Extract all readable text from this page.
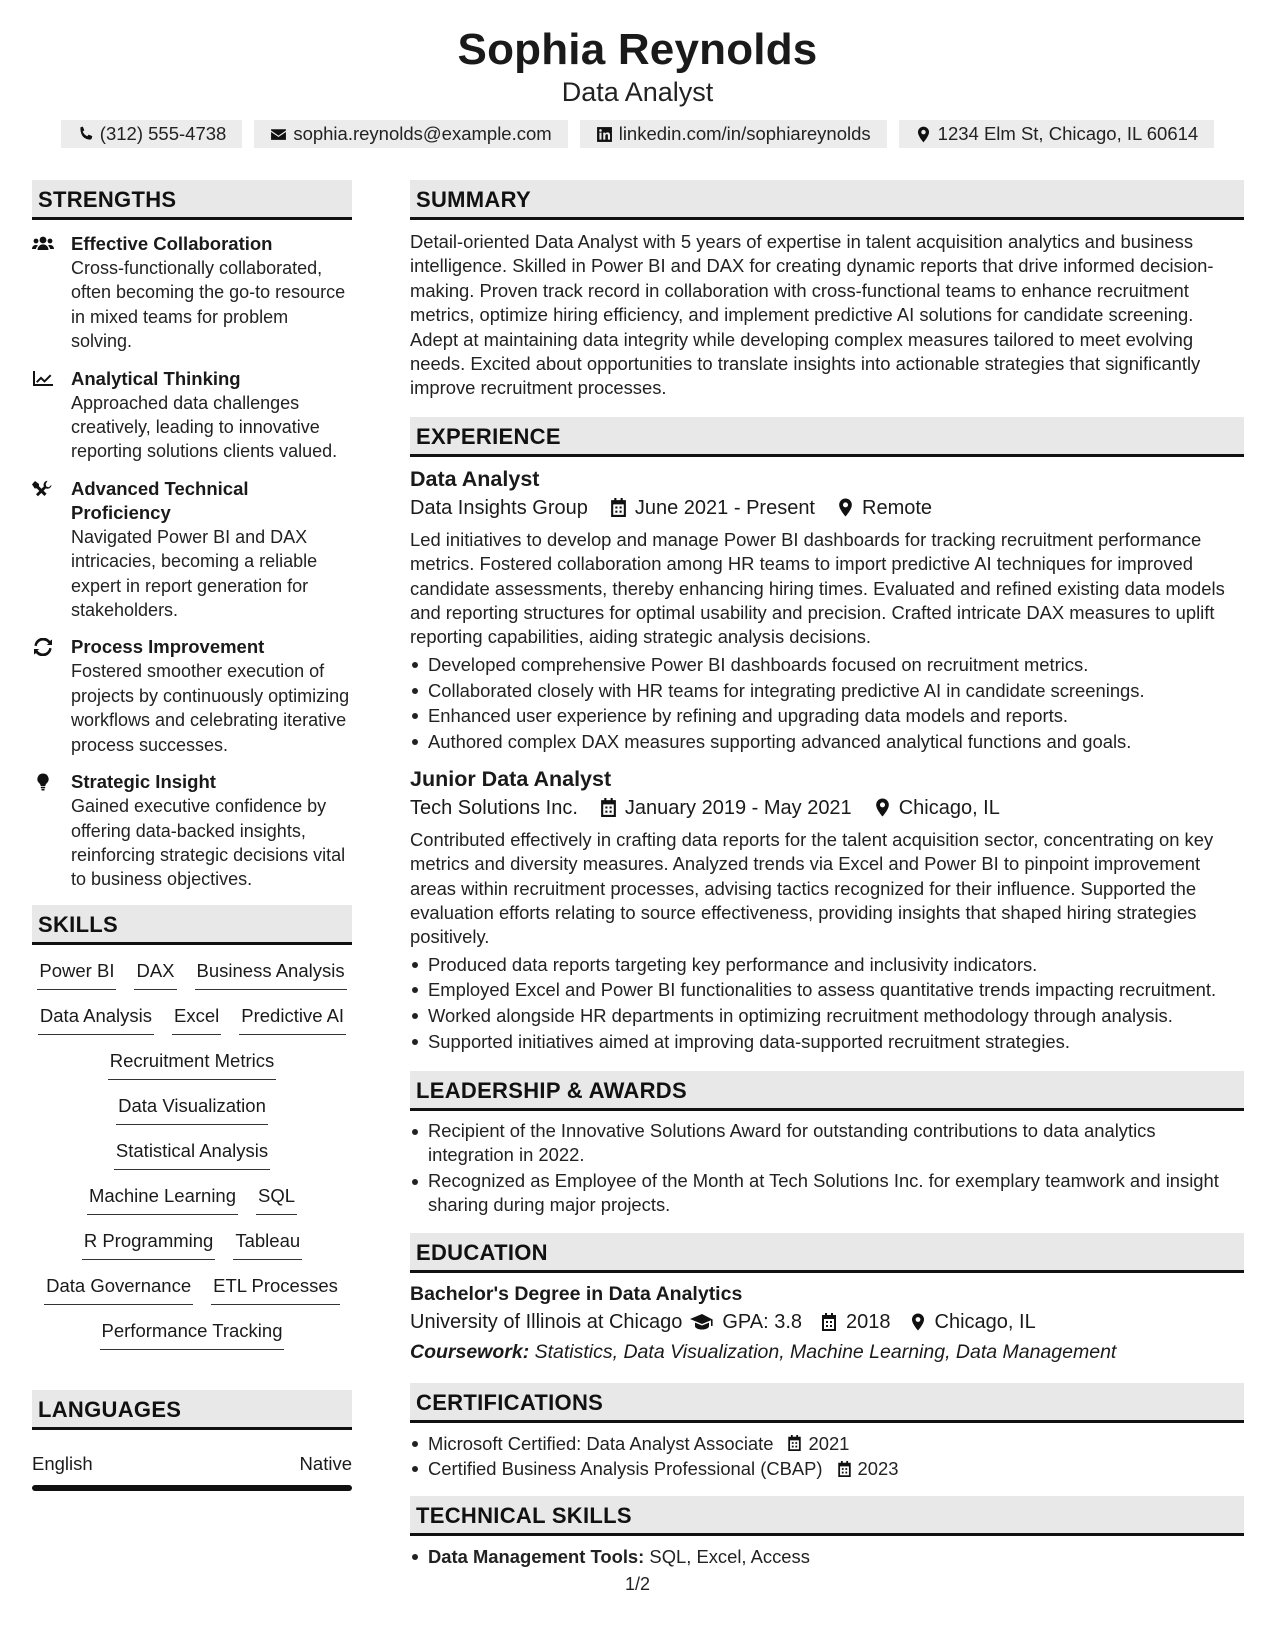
Sophia Reynolds
Data Analyst
(312) 555-4738	sophia.reynolds@example.com	linkedin.com/in/sophiareynolds	1234 Elm St, Chicago, IL 60614
STRENGTHS
Effective Collaboration
Cross-functionally collaborated, often becoming the go-to resource in mixed teams for problem solving.
Analytical Thinking
Approached data challenges creatively, leading to innovative reporting solutions clients valued.
Advanced Technical Proficiency
Navigated Power BI and DAX intricacies, becoming a reliable expert in report generation for stakeholders.
Process Improvement
Fostered smoother execution of projects by continuously optimizing workflows and celebrating iterative process successes.
Strategic Insight
Gained executive confidence by offering data-backed insights, reinforcing strategic decisions vital to business objectives.
SKILLS
Power BI DAX Business Analysis
Data Analysis Excel Predictive AI
Recruitment Metrics
Data Visualization
Statistical Analysis
Machine Learning SQL
R Programming Tableau
Data Governance ETL Processes
Performance Tracking
LANGUAGES
English	Native
SUMMARY
Detail-oriented Data Analyst with 5 years of expertise in talent acquisition analytics and business intelligence. Skilled in Power BI and DAX for creating dynamic reports that drive informed decision-making. Proven track record in collaboration with cross-functional teams to enhance recruitment metrics, optimize hiring efficiency, and implement predictive AI solutions for candidate screening. Adept at maintaining data integrity while developing complex measures tailored to meet evolving needs. Excited about opportunities to translate insights into actionable strategies that significantly improve recruitment processes.
EXPERIENCE
Data Analyst
Data Insights Group June 2021 - Present Remote
Led initiatives to develop and manage Power BI dashboards for tracking recruitment performance metrics. Fostered collaboration among HR teams to import predictive AI techniques for improved candidate assessments, thereby enhancing hiring times. Evaluated and refined existing data models and reporting structures for optimal usability and precision. Crafted intricate DAX measures to uplift reporting capabilities, aiding strategic analysis decisions.
Developed comprehensive Power BI dashboards focused on recruitment metrics.
Collaborated closely with HR teams for integrating predictive AI in candidate screenings.
Enhanced user experience by refining and upgrading data models and reports.
Authored complex DAX measures supporting advanced analytical functions and goals.
Junior Data Analyst
Tech Solutions Inc. January 2019 - May 2021 Chicago, IL
Contributed effectively in crafting data reports for the talent acquisition sector, concentrating on key metrics and diversity measures. Analyzed trends via Excel and Power BI to pinpoint improvement areas within recruitment processes, advising tactics recognized for their influence. Supported the evaluation efforts relating to source effectiveness, providing insights that shaped hiring strategies positively.
Produced data reports targeting key performance and inclusivity indicators.
Employed Excel and Power BI functionalities to assess quantitative trends impacting recruitment.
Worked alongside HR departments in optimizing recruitment methodology through analysis.
Supported initiatives aimed at improving data-supported recruitment strategies.
LEADERSHIP & AWARDS
Recipient of the Innovative Solutions Award for outstanding contributions to data analytics integration in 2022.
Recognized as Employee of the Month at Tech Solutions Inc. for exemplary teamwork and insight sharing during major projects.
EDUCATION
Bachelor's Degree in Data Analytics
University of Illinois at Chicago GPA: 3.8 2018 Chicago, IL
Coursework: Statistics, Data Visualization, Machine Learning, Data Management
CERTIFICATIONS
Microsoft Certified: Data Analyst Associate 2021
Certified Business Analysis Professional (CBAP) 2023
TECHNICAL SKILLS
Data Management Tools: SQL, Excel, Access
1/2
